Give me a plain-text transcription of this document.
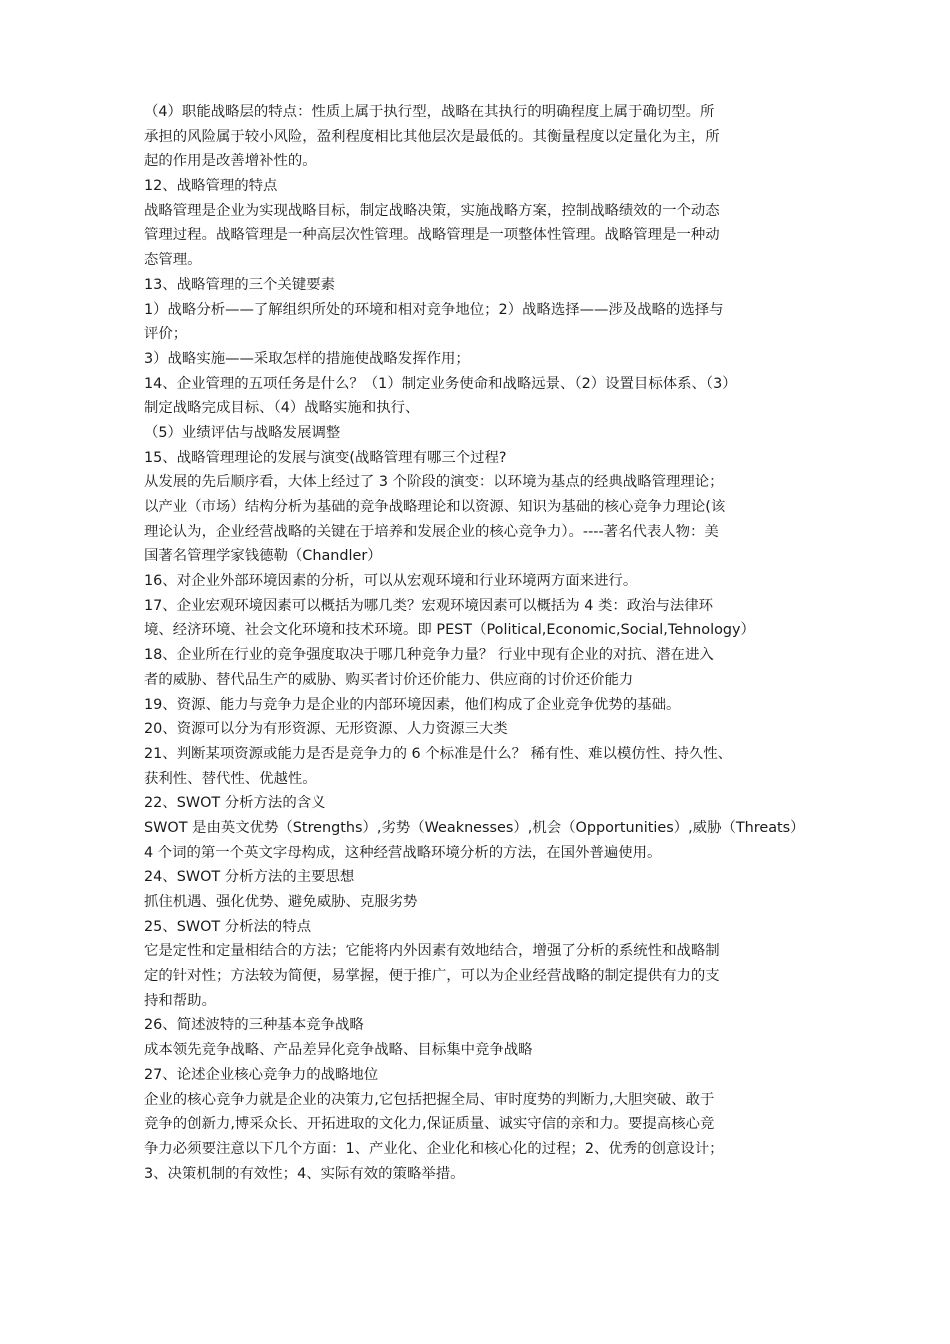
（4）职能战略层的特点：性质上属于执行型，战略在其执行的明确程度上属于确切型。所
承担的风险属于较小风险，盈利程度相比其他层次是最低的。其衡量程度以定量化为主，所
起的作用是改善增补性的。
12、战略管理的特点
战略管理是企业为实现战略目标，制定战略决策，实施战略方案，控制战略绩效的一个动态
管理过程。战略管理是一种高层次性管理。战略管理是一项整体性管理。战略管理是一种动
态管理。
13、战略管理的三个关键要素
1）战略分析——了解组织所处的环境和相对竞争地位；2）战略选择——涉及战略的选择与
评价；
3）战略实施——采取怎样的措施使战略发挥作用；
14、企业管理的五项任务是什么？（1）制定业务使命和战略远景、（2）设置目标体系、（3）
制定战略完成目标、（4）战略实施和执行、
（5）业绩评估与战略发展调整
15、战略管理理论的发展与演变(战略管理有哪三个过程?
从发展的先后顺序看，大体上经过了 3 个阶段的演变：以环境为基点的经典战略管理理论；
以产业（市场）结构分析为基础的竞争战略理论和以资源、知识为基础的核心竞争力理论(该
理论认为，企业经营战略的关键在于培养和发展企业的核心竞争力）。----著名代表人物：美
国著名管理学家钱德勒（Chandler）
16、对企业外部环境因素的分析，可以从宏观环境和行业环境两方面来进行。
17、企业宏观环境因素可以概括为哪几类？宏观环境因素可以概括为 4 类：政治与法律环
境、经济环境、社会文化环境和技术环境。即 PEST（Political,Economic,Social,Tehnology）
18、企业所在行业的竞争强度取决于哪几种竞争力量？ 行业中现有企业的对抗、潜在进入
者的威胁、替代品生产的威胁、购买者讨价还价能力、供应商的讨价还价能力
19、资源、能力与竞争力是企业的内部环境因素，他们构成了企业竞争优势的基础。
20、资源可以分为有形资源、无形资源、人力资源三大类
21、判断某项资源或能力是否是竞争力的 6 个标准是什么？ 稀有性、难以模仿性、持久性、
获利性、替代性、优越性。
22、SWOT 分析方法的含义
SWOT 是由英文优势（Strengths）,劣势（Weaknesses）,机会（Opportunities）,威胁（Threats）
4 个词的第一个英文字母构成，这种经营战略环境分析的方法，在国外普遍使用。
24、SWOT 分析方法的主要思想
抓住机遇、强化优势、避免威胁、克服劣势
25、SWOT 分析法的特点
它是定性和定量相结合的方法；它能将内外因素有效地结合，增强了分析的系统性和战略制
定的针对性；方法较为简便，易掌握，便于推广，可以为企业经营战略的制定提供有力的支
持和帮助。
26、简述波特的三种基本竞争战略
成本领先竞争战略、产品差异化竞争战略、目标集中竞争战略
27、论述企业核心竞争力的战略地位
企业的核心竞争力就是企业的决策力,它包括把握全局、审时度势的判断力,大胆突破、敢于
竞争的创新力,博采众长、开拓进取的文化力,保证质量、诚实守信的亲和力。要提高核心竞
争力必须要注意以下几个方面：1、产业化、企业化和核心化的过程；2、优秀的创意设计；
3、决策机制的有效性；4、实际有效的策略举措。
